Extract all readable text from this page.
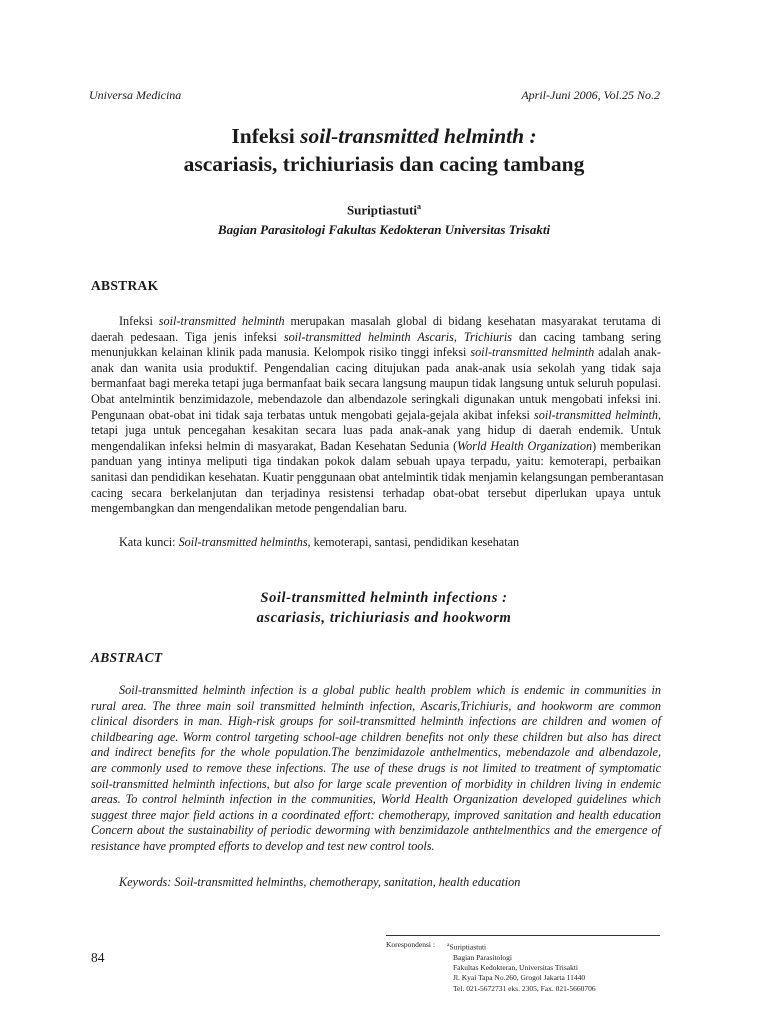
Universa Medicina	April-Juni 2006, Vol.25 No.2

Infeksi soil-transmitted helminth :

ascariasis, trichiuriasis dan cacing tambang

Suriptiastuti$^a$
Bagian Parasitologi Fakultas Kedokteran Universitas Trisakti

ABSTRAK

Infeksi soil-transmitted helminth merupakan masalah global di bidang kesehatan masyarakat terutama di
daerah pedesaan. Tiga jenis infeksi soil-transmitted helminth Ascaris, Trichiuris dan cacing tambang sering
menunjukkan kelainan klinik pada manusia. Kelompok risiko tinggi infeksi soil-transmitted helminth adalah anak-
anak dan wanita usia produktif. Pengendalian cacing ditujukan pada anak-anak usia sekolah yang tidak saja
bermanfaat bagi mereka tetapi juga bermanfaat baik secara langsung maupun tidak langsung untuk seluruh populasi.
Obat antelmintik benzimidazole, mebendazole dan albendazole seringkali digunakan untuk mengobati infeksi ini.
Pengunaan obat-obat ini tidak saja terbatas untuk mengobati gejala-gejala akibat infeksi soil-transmitted helminth,
tetapi juga untuk pencegahan kesakitan secara luas pada anak-anak yang hidup di daerah endemik. Untuk
mengendalikan infeksi helmin di masyarakat, Badan Kesehatan Sedunia (World Health Organization) memberikan
panduan yang intinya meliputi tiga tindakan pokok dalam sebuah upaya terpadu, yaitu: kemoterapi, perbaikan
sanitasi dan pendidikan kesehatan. Kuatir penggunaan obat antelmintik tidak menjamin kelangsungan pemberantasan
cacing secara berkelanjutan dan terjadinya resistensi terhadap obat-obat tersebut diperlukan upaya untuk
mengembangkan dan mengendalikan metode pengendalian baru.
Kata kunci: Soil-transmitted helminths, kemoterapi, santasi, pendidikan kesehatan

Soil-transmitted helminth infections :

ascariasis, trichiuriasis and hookworm

ABSTRACT

Soil-transmitted helminth infection is a global public health problem which is endemic in communities in
rural area. The three main soil transmitted helminth infection, Ascaris,Trichiuris, and hookworm are common
clinical disorders in man. High-risk groups for soil-transmitted helminth infections are children and women of
childbearing age. Worm control targeting school-age children benefits not only these children but also has direct
and indirect benefits for the whole population.The benzimidazole anthelmentics, mebendazole and albendazole,
are commonly used to remove these infections. The use of these drugs is not limited to treatment of symptomatic
soil-transmitted helminth infections, but also for large scale prevention of morbidity in children living in endemic
areas. To control helminth infection in the communities, World Health Organization developed guidelines which
suggest three major field actions in a coordinated effort: chemotherapy, improved sanitation and health education
Concern about the sustainability of periodic deworming with benzimidazole anthtelmenthics and the emergence of
resistance have prompted efforts to develop and test new control tools.
Keywords: Soil-transmitted helminths, chemotherapy, sanitation, health education
84
Korespondensi : $^a$Suriptiastuti
Bagian Parasitologi
Fakultas Kedokteran, Universitas Trisakti
Jl. Kyai Tapa No.260, Grogol Jakarta 11440
Tel. 021-5672731 eks. 2305, Fax. 021-5660706
